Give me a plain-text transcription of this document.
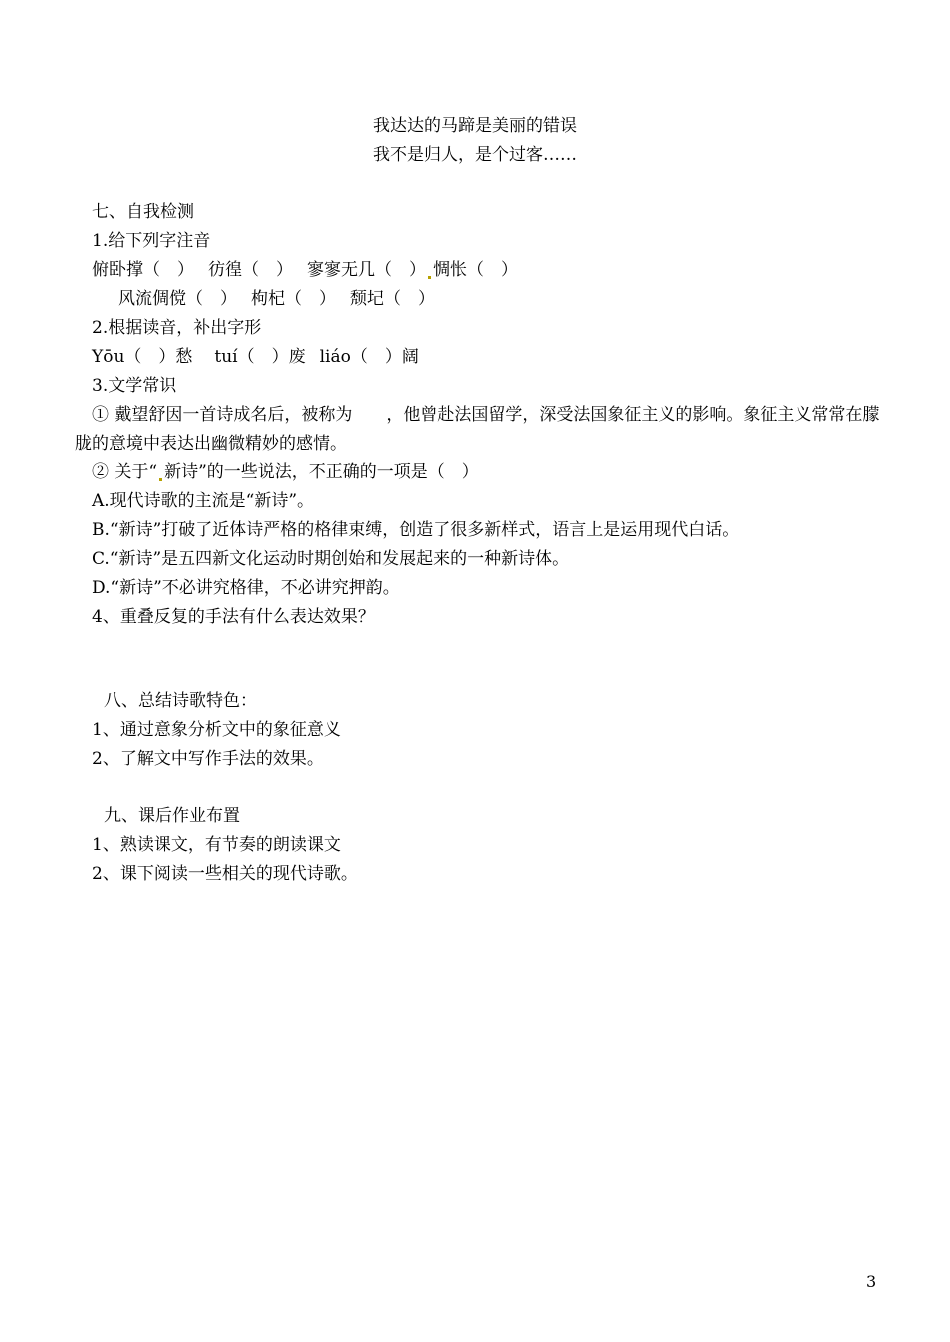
我达达的马蹄是美丽的错误
我不是归人，是个过客……
七、自我检测
1.给下列字注音
俯卧撑（　） 彷徨（　） 寥寥无几（　） 惆怅（　）
风流倜傥（　） 枸杞（　） 颓圮（　）
2.根据读音，补出字形
Yōu（　）愁 tuí（　）废 liáo（　）阔
3.文学常识
① 戴望舒因一首诗成名后，被称为　　，他曾赴法国留学，深受法国象征主义的影响。象征主义常常在朦胧的意境中表达出幽微精妙的感情。
② 关于“ 新诗”的一些说法，不正确的一项是（　）
A.现代诗歌的主流是“新诗”。
B.“新诗”打破了近体诗严格的格律束缚，创造了很多新样式，语言上是运用现代白话。
C.“新诗”是五四新文化运动时期创始和发展起来的一种新诗体。
D.“新诗”不必讲究格律，不必讲究押韵。
4、重叠反复的手法有什么表达效果？
八、总结诗歌特色：
1、通过意象分析文中的象征意义
2、了解文中写作手法的效果。
九、课后作业布置
1、熟读课文，有节奏的朗读课文
2、课下阅读一些相关的现代诗歌。
3
